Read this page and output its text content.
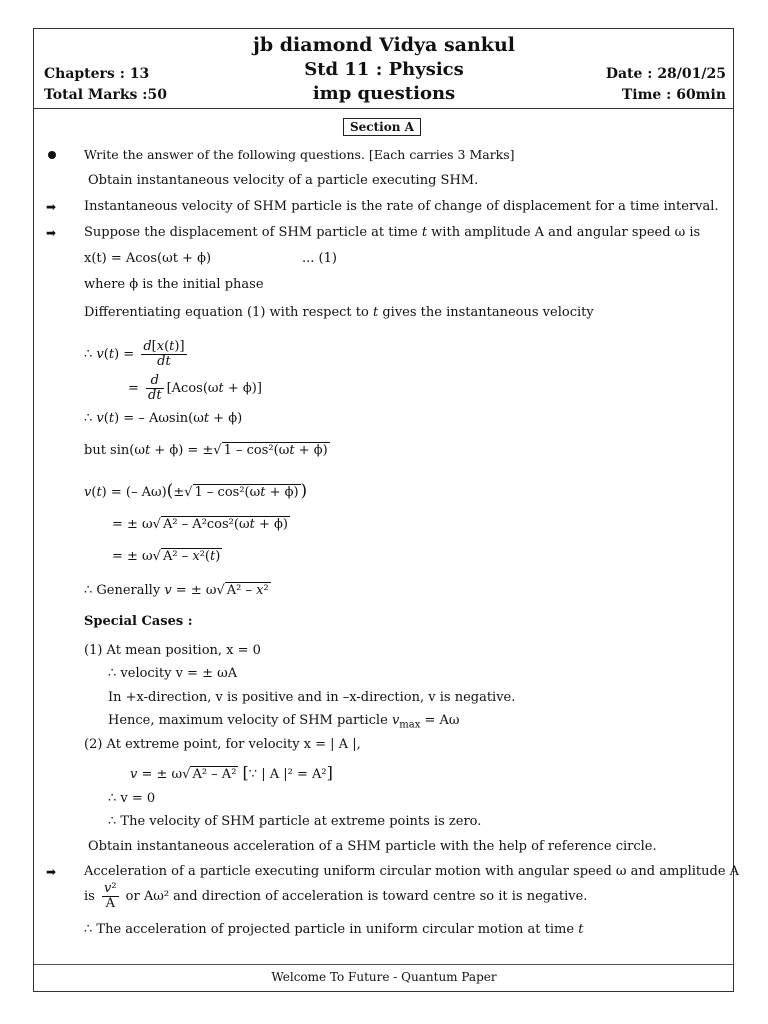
jb diamond Vidya sankul
Std 11 : Physics
imp questions
Chapters : 13
Total Marks :50
Date : 28/01/25
Time : 60min
Section A
Write the answer of the following questions. [Each carries 3 Marks]
Obtain instantaneous velocity of a particle executing SHM.
➡ Instantaneous velocity of SHM particle is the rate of change of displacement for a time interval.
➡ Suppose the displacement of SHM particle at time t with amplitude A and angular speed ω is
x(t) = Acos(ωt + ϕ)	... (1)
where ϕ is the initial phase
Differentiating equation (1) with respect to t gives the instantaneous velocity
∴ $v(t) = \frac{d[x(t)]}{dt}$
= $\frac{d}{dt} [Acos(\omega t + \phi)]$
∴ v(t) = – Aωsin(ωt + ϕ)
but sin(ωt + ϕ) = ±√ 1 – cos²(ωt + ϕ)
v(t) = (– Aω)(±√ 1 – cos²(ωt + ϕ) )
= ± ω√ A² – A²cos²(ωt + ϕ)
= ± ω√ A² – x²(t)
∴ Generally v = ± ω√ A² – x²
Special Cases :
(1) At mean position, x = 0
∴ velocity v = ± ωA
In +x-direction, v is positive and in –x-direction, v is negative.
Hence, maximum velocity of SHM particle $v_{max} = A\omega$
(2) At extreme point, for velocity x = | A |,
v = ± ω√ A² – A² [∵ | A |² = A²]
∴ v = 0
∴ The velocity of SHM particle at extreme points is zero.
Obtain instantaneous acceleration of a SHM particle with the help of reference circle.
➡ Acceleration of a particle executing uniform circular motion with angular speed ω and amplitude A
is $\frac{\text{v²}}{A}$ or Aω² and direction of acceleration is toward centre so it is negative.
∴ The acceleration of projected particle in uniform circular motion at time t
Welcome To Future - Quantum Paper
